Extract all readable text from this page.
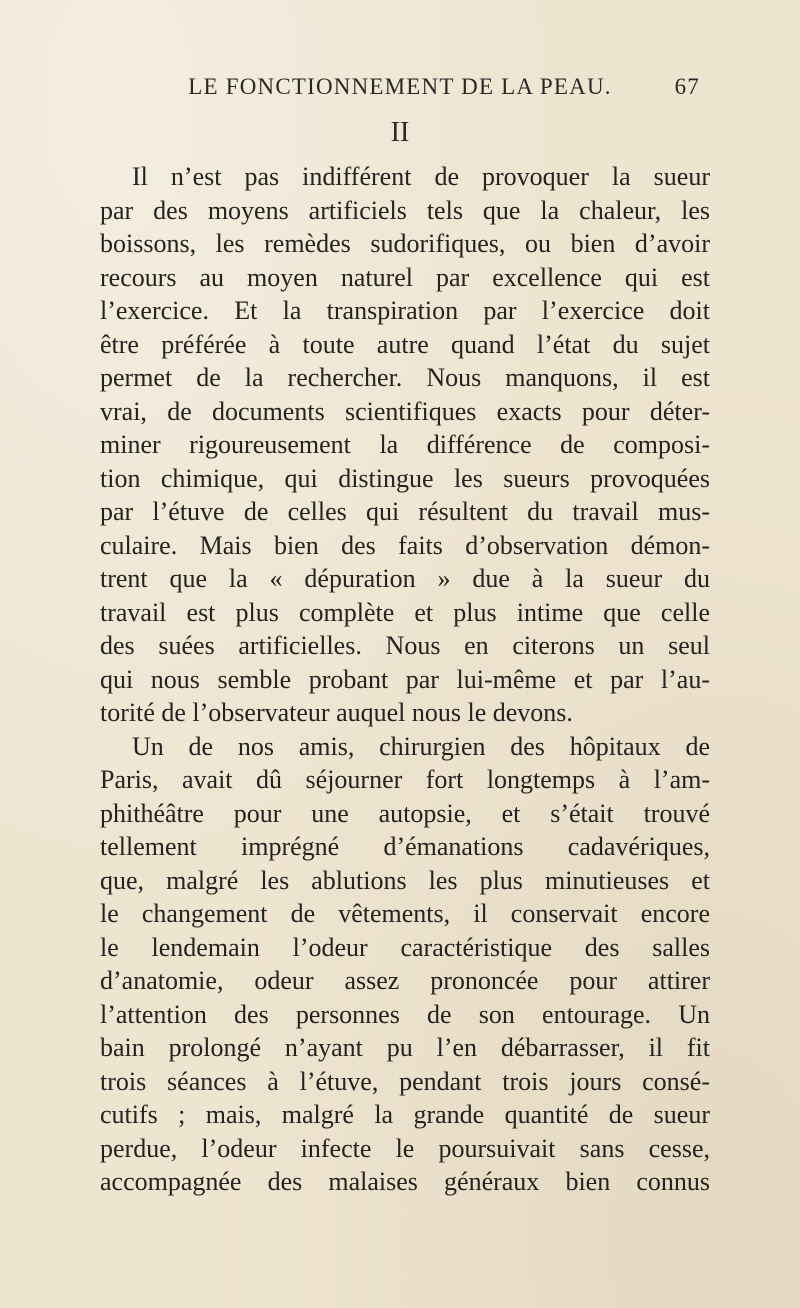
LE FONCTIONNEMENT DE LA PEAU.	67
II
Il n’est pas indifférent de provoquer la sueur
par des moyens artificiels tels que la chaleur, les
boissons, les remèdes sudorifiques, ou bien d’avoir
recours au moyen naturel par excellence qui est
l’exercice. Et la transpiration par l’exercice doit
être préférée à toute autre quand l’état du sujet
permet de la rechercher. Nous manquons, il est
vrai, de documents scientifiques exacts pour déter-
miner rigoureusement la différence de composi-
tion chimique, qui distingue les sueurs provoquées
par l’étuve de celles qui résultent du travail mus-
culaire. Mais bien des faits d’observation démon-
trent que la « dépuration » due à la sueur du
travail est plus complète et plus intime que celle
des suées artificielles. Nous en citerons un seul
qui nous semble probant par lui-même et par l’au-
torité de l’observateur auquel nous le devons.
Un de nos amis, chirurgien des hôpitaux de
Paris, avait dû séjourner fort longtemps à l’am-
phithéâtre pour une autopsie, et s’était trouvé
tellement imprégné d’émanations cadavériques,
que, malgré les ablutions les plus minutieuses et
le changement de vêtements, il conservait encore
le lendemain l’odeur caractéristique des salles
d’anatomie, odeur assez prononcée pour attirer
l’attention des personnes de son entourage. Un
bain prolongé n’ayant pu l’en débarrasser, il fit
trois séances à l’étuve, pendant trois jours consé-
cutifs ; mais, malgré la grande quantité de sueur
perdue, l’odeur infecte le poursuivait sans cesse,
accompagnée des malaises généraux bien connus
